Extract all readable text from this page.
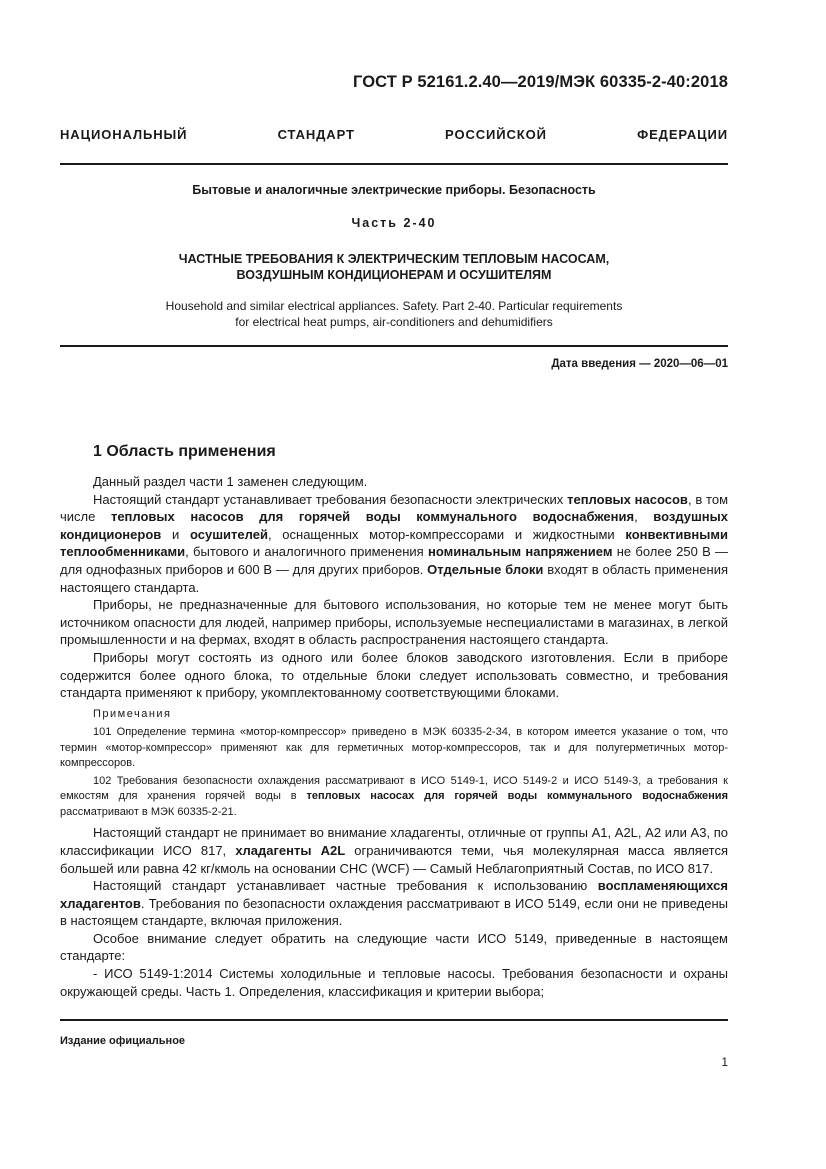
ГОСТ Р 52161.2.40—2019/МЭК 60335-2-40:2018
НАЦИОНАЛЬНЫЙ СТАНДАРТ РОССИЙСКОЙ ФЕДЕРАЦИИ
Бытовые и аналогичные электрические приборы. Безопасность
Часть 2-40
ЧАСТНЫЕ ТРЕБОВАНИЯ К ЭЛЕКТРИЧЕСКИМ ТЕПЛОВЫМ НАСОСАМ,
ВОЗДУШНЫМ КОНДИЦИОНЕРАМ И ОСУШИТЕЛЯМ
Household and similar electrical appliances. Safety. Part 2-40. Particular requirements
for electrical heat pumps, air-conditioners and dehumidifiers
Дата введения — 2020—06—01
1 Область применения

Данный раздел части 1 заменен следующим.

Настоящий стандарт устанавливает требования безопасности электрических тепловых насосов, в том числе тепловых насосов для горячей воды коммунального водоснабжения, воздушных кондиционеров и осушителей, оснащенных мотор-компрессорами и жидкостными конвективными теплообменниками, бытового и аналогичного применения номинальным напряжением не более 250 В — для однофазных приборов и 600 В — для других приборов. Отдельные блоки входят в область применения настоящего стандарта.

Приборы, не предназначенные для бытового использования, но которые тем не менее могут быть источником опасности для людей, например приборы, используемые неспециалистами в магазинах, в легкой промышленности и на фермах, входят в область распространения настоящего стандарта.

Приборы могут состоять из одного или более блоков заводского изготовления. Если в приборе содержится более одного блока, то отдельные блоки следует использовать совместно, и требования стандарта применяют к прибору, укомплектованному соответствующими блоками.

Примечания

101 Определение термина «мотор-компрессор» приведено в МЭК 60335-2-34, в котором имеется указание о том, что термин «мотор-компрессор» применяют как для герметичных мотор-компрессоров, так и для полугерметичных мотор-компрессоров.

102 Требования безопасности охлаждения рассматривают в ИСО 5149-1, ИСО 5149-2 и ИСО 5149-3, а требования к емкостям для хранения горячей воды в тепловых насосах для горячей воды коммунального водоснабжения рассматривают в МЭК 60335-2-21.

Настоящий стандарт не принимает во внимание хладагенты, отличные от группы А1, А2L, А2 или А3, по классификации ИСО 817, хладагенты A2L ограничиваются теми, чья молекулярная масса является большей или равна 42 кг/кмоль на основании CHC (WCF) — Самый Неблагоприятный Состав, по ИСО 817.

Настоящий стандарт устанавливает частные требования к использованию воспламеняющихся хладагентов. Требования по безопасности охлаждения рассматривают в ИСО 5149, если они не приведены в настоящем стандарте, включая приложения.

Особое внимание следует обратить на следующие части ИСО 5149, приведенные в настоящем стандарте:

- ИСО 5149-1:2014 Системы холодильные и тепловые насосы. Требования безопасности и охраны окружающей среды. Часть 1. Определения, классификация и критерии выбора;

Издание официальное
1
